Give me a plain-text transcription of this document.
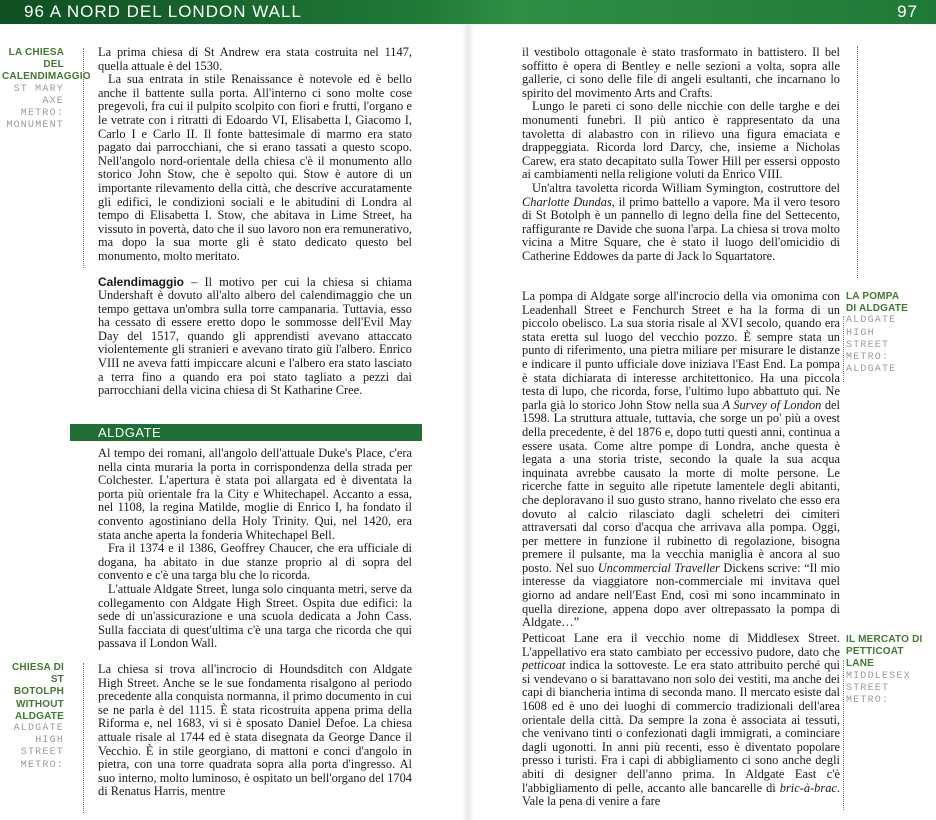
96 A NORD DEL LONDON WALL	97
LA CHIESA DEL
CALENDIMAGGIO
ST MARY
AXE
METRO:
MONUMENT
CHIESA DI
ST BOTOLPH
WITHOUT
ALDGATE
ALDGATE
HIGH
STREET
METRO:

La prima chiesa di St Andrew era stata costruita nel 1147, quella attuale è del 1530.

La sua entrata in stile Renaissance è notevole ed è bello anche il battente sulla porta. All'interno ci sono molte cose pregevoli, fra cui il pulpito scolpito con fiori e frutti, l'organo e le vetrate con i ritratti di Edoardo VI, Elisabetta I, Giacomo I, Carlo I e Carlo II. Il fonte battesimale di marmo era stato pagato dai parrocchiani, che si erano tassati a questo scopo. Nell'angolo nord-orientale della chiesa c'è il monumento allo storico John Stow, che è sepolto qui. Stow è autore di un importante rilevamento della città, che descrive accuratamente gli edifici, le condizioni sociali e le abitudini di Londra al tempo di Elisabetta I. Stow, che abitava in Lime Street, ha vissuto in povertà, dato che il suo lavoro non era remunerativo, ma dopo la sua morte gli è stato dedicato questo bel monumento, molto meritato.

Calendimaggio – Il motivo per cui la chiesa si chiama Undershaft è dovuto all'alto albero del calendimaggio che un tempo gettava un'ombra sulla torre campanaria. Tuttavia, esso ha cessato di essere eretto dopo le sommosse dell'Evil May Day del 1517, quando gli apprendisti avevano attaccato violentemente gli stranieri e avevano tirato giù l'albero. Enrico VIII ne aveva fatti impiccare alcuni e l'albero era stato lasciato a terra fino a quando era poi stato tagliato a pezzi dai parrocchiani della vicina chiesa di St Katharine Cree.

ALDGATE

Al tempo dei romani, all'angolo dell'attuale Duke's Place, c'era nella cinta muraria la porta in corrispondenza della strada per Colchester. L'apertura è stata poi allargata ed è diventata la porta più orientale fra la City e Whitechapel. Accanto a essa, nel 1108, la regina Matilde, moglie di Enrico I, ha fondato il convento agostiniano della Holy Trinity. Qui, nel 1420, era stata anche aperta la fonderia Whitechapel Bell.

Fra il 1374 e il 1386, Geoffrey Chaucer, che era ufficiale di dogana, ha abitato in due stanze proprio al di sopra del convento e c'è una targa blu che lo ricorda.

L'attuale Aldgate Street, lunga solo cinquanta metri, serve da collegamento con Aldgate High Street. Ospita due edifici: la sede di un'assicurazione e una scuola dedicata a John Cass. Sulla facciata di quest'ultima c'è una targa che ricorda che qui passava il London Wall.

La chiesa si trova all'incrocio di Houndsditch con Aldgate High Street. Anche se le sue fondamenta risalgono al periodo precedente alla conquista normanna, il primo documento in cui se ne parla è del 1115. È stata ricostruita appena prima della Riforma e, nel 1683, vi si è sposato Daniel Defoe. La chiesa attuale risale al 1744 ed è stata disegnata da George Dance il Vecchio. È in stile georgiano, di mattoni e conci d'angolo in pietra, con una torre quadrata sopra alla porta d'ingresso. Al suo interno, molto luminoso, è ospitato un bell'organo del 1704 di Renatus Harris, mentre

il vestibolo ottagonale è stato trasformato in battistero. Il bel soffitto è opera di Bentley e nelle sezioni a volta, sopra alle gallerie, ci sono delle file di angeli esultanti, che incarnano lo spirito del movimento Arts and Crafts.

Lungo le pareti ci sono delle nicchie con delle targhe e dei monumenti funebri. Il più antico è rappresentato da una tavoletta di alabastro con in rilievo una figura emaciata e drappeggiata. Ricorda lord Darcy, che, insieme a Nicholas Carew, era stato decapitato sulla Tower Hill per essersi opposto ai cambiamenti nella religione voluti da Enrico VIII.

Un'altra tavoletta ricorda William Symington, costruttore del Charlotte Dundas, il primo battello a vapore. Ma il vero tesoro di St Botolph è un pannello di legno della fine del Settecento, raffigurante re Davide che suona l'arpa. La chiesa si trova molto vicina a Mitre Square, che è stato il luogo dell'omicidio di Catherine Eddowes da parte di Jack lo Squartatore.

La pompa di Aldgate sorge all'incrocio della via omonima con Leadenhall Street e Fenchurch Street e ha la forma di un piccolo obelisco. La sua storia risale al XVI secolo, quando era stata eretta sul luogo del vecchio pozzo. È sempre stata un punto di riferimento, una pietra miliare per misurare le distanze e indicare il punto ufficiale dove iniziava l'East End. La pompa è stata dichiarata di interesse architettonico. Ha una piccola testa di lupo, che ricorda, forse, l'ultimo lupo abbattuto qui. Ne parla già lo storico John Stow nella sua A Survey of London del 1598. La struttura attuale, tuttavia, che sorge un po' più a ovest della precedente, è del 1876 e, dopo tutti questi anni, continua a essere usata. Come altre pompe di Londra, anche questa è legata a una storia triste, secondo la quale la sua acqua inquinata avrebbe causato la morte di molte persone. Le ricerche fatte in seguito alle ripetute lamentele degli abitanti, che deploravano il suo gusto strano, hanno rivelato che esso era dovuto al calcio rilasciato dagli scheletri dei cimiteri attraversati dal corso d'acqua che arrivava alla pompa. Oggi, per mettere in funzione il rubinetto di regolazione, bisogna premere il pulsante, ma la vecchia maniglia è ancora al suo posto. Nel suo Uncommercial Traveller Dickens scrive: “Il mio interesse da viaggiatore non-commerciale mi invitava quel giorno ad andare nell'East End, così mi sono incamminato in quella direzione, appena dopo aver oltrepassato la pompa di Aldgate…”

Petticoat Lane era il vecchio nome di Middlesex Street. L'appellativo era stato cambiato per eccessivo pudore, dato che petticoat indica la sottoveste. Le era stato attribuito perché qui si vendevano o si barattavano non solo dei vestiti, ma anche dei capi di biancheria intima di seconda mano. Il mercato esiste dal 1608 ed è uno dei luoghi di commercio tradizionali dell'area orientale della città. Da sempre la zona è associata ai tessuti, che venivano tinti o confezionati dagli immigrati, a cominciare dagli ugonotti. In anni più recenti, esso è diventato popolare presso i turisti. Fra i capi di abbigliamento ci sono anche degli abiti di designer dell'anno prima. In Aldgate East c'è l'abbigliamento di pelle, accanto alle bancarelle di bric-à-brac. Vale la pena di venire a fare

LA POMPA
DI ALDGATE
ALDGATE
HIGH
STREET
METRO:
ALDGATE
IL MERCATO DI
PETTICOAT LANE
MIDDLESEX
STREET
METRO:
